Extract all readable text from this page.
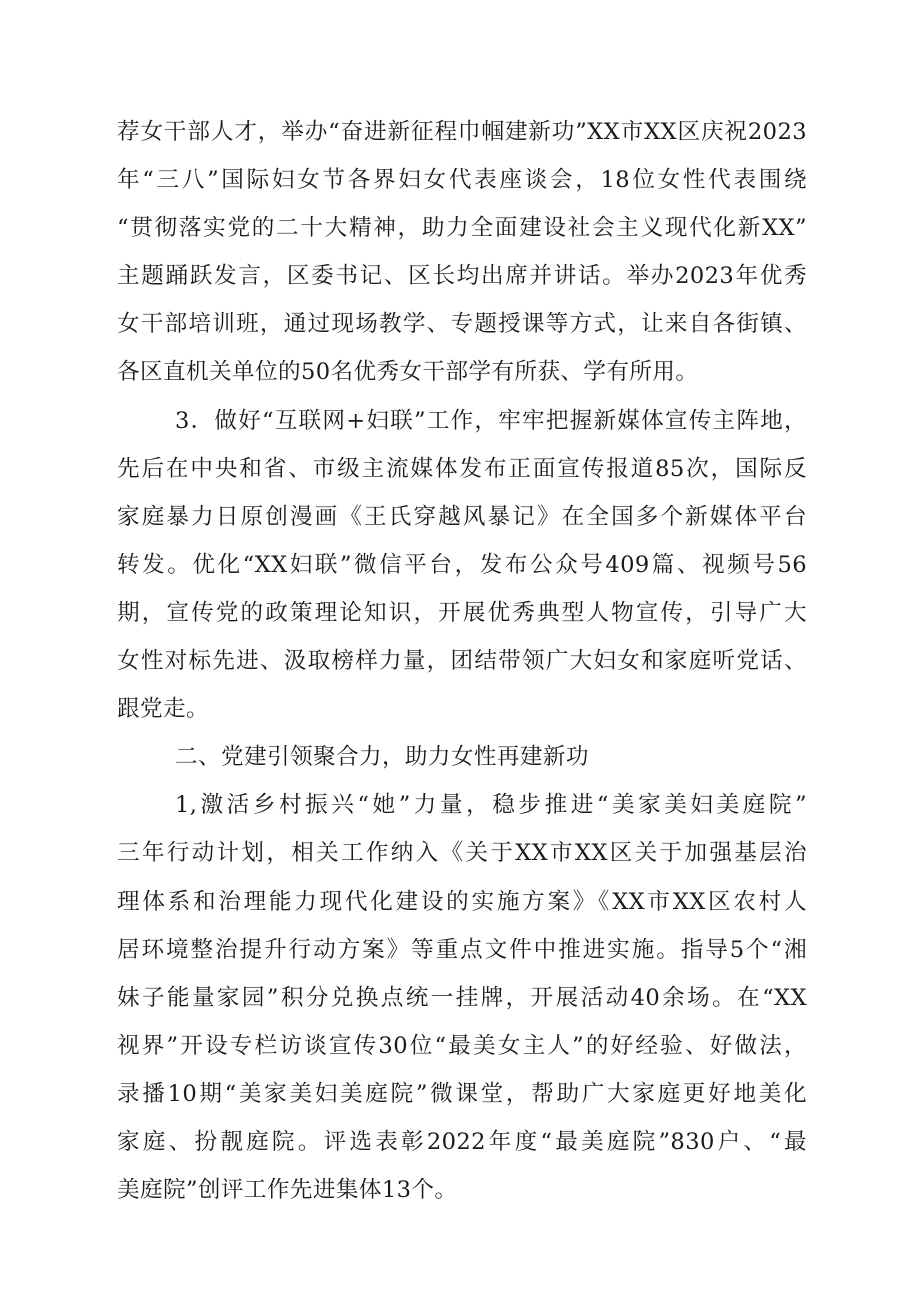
荐女干部人才，举办“奋进新征程巾帼建新功”XX市XX区庆祝2023
年“三八”国际妇女节各界妇女代表座谈会，18位女性代表围绕
“贯彻落实党的二十大精神，助力全面建设社会主义现代化新XX”
主题踊跃发言，区委书记、区长均出席并讲话。举办2023年优秀
女干部培训班，通过现场教学、专题授课等方式，让来自各街镇、
各区直机关单位的50名优秀女干部学有所获、学有所用。
3．做好“互联网+妇联”工作，牢牢把握新媒体宣传主阵地，
先后在中央和省、市级主流媒体发布正面宣传报道85次，国际反
家庭暴力日原创漫画《王氏穿越风暴记》在全国多个新媒体平台
转发。优化“XX妇联”微信平台，发布公众号409篇、视频号56
期，宣传党的政策理论知识，开展优秀典型人物宣传，引导广大
女性对标先进、汲取榜样力量，团结带领广大妇女和家庭听党话、
跟党走。
二、党建引领聚合力，助力女性再建新功
1,激活乡村振兴“她”力量，稳步推进“美家美妇美庭院”
三年行动计划，相关工作纳入《关于XX市XX区关于加强基层治
理体系和治理能力现代化建设的实施方案》《XX市XX区农村人
居环境整治提升行动方案》等重点文件中推进实施。指导5个“湘
妹子能量家园”积分兑换点统一挂牌，开展活动40余场。在“XX
视界”开设专栏访谈宣传30位“最美女主人”的好经验、好做法，
录播10期“美家美妇美庭院”微课堂，帮助广大家庭更好地美化
家庭、扮靓庭院。评选表彰2022年度“最美庭院”830户、“最
美庭院”创评工作先进集体13个。
